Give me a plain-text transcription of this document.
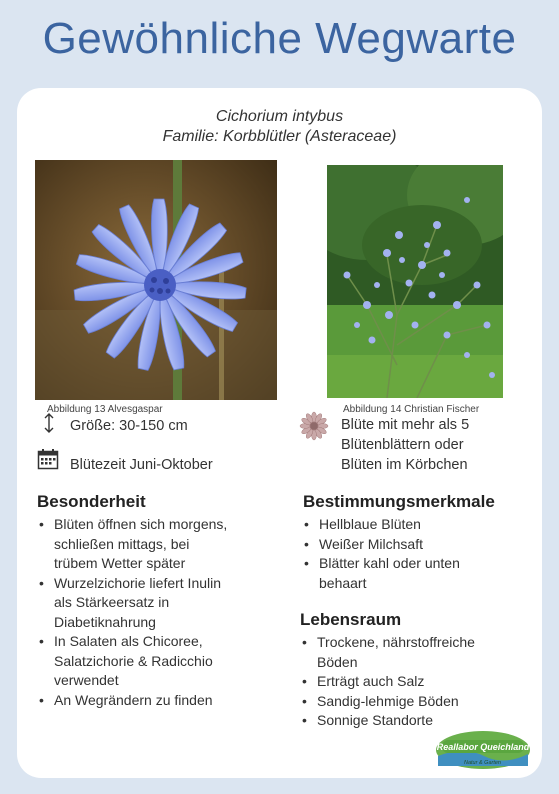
Gewöhnliche Wegwarte
Cichorium intybus
Familie: Korbblütler (Asteraceae)
Abbildung 13 Alvesgaspar	Abbildung 14 Christian Fischer
Größe: 30-150 cm
Blütezeit Juni-Oktober
Blüte mit mehr als 5
Blütenblättern oder
Blüten im Körbchen
Besonderheit
• Blüten öffnen sich morgens,
schließen mittags, bei
trübem Wetter später
• Wurzelzichorie liefert Inulin
als Stärkeersatz in
Diabetiknahrung
• In Salaten als Chicoree,
Salatzichorie & Radicchio
verwendet
• An Wegrändern zu finden
Bestimmungsmerkmale
• Hellblaue Blüten
• Weißer Milchsaft
• Blätter kahl oder unten
behaart
Lebensraum
• Trockene, nährstoffreiche
Böden
• Erträgt auch Salz
• Sandig-lehmige Böden
• Sonnige Standorte
Reallabor Queichland
Natur & Garten
